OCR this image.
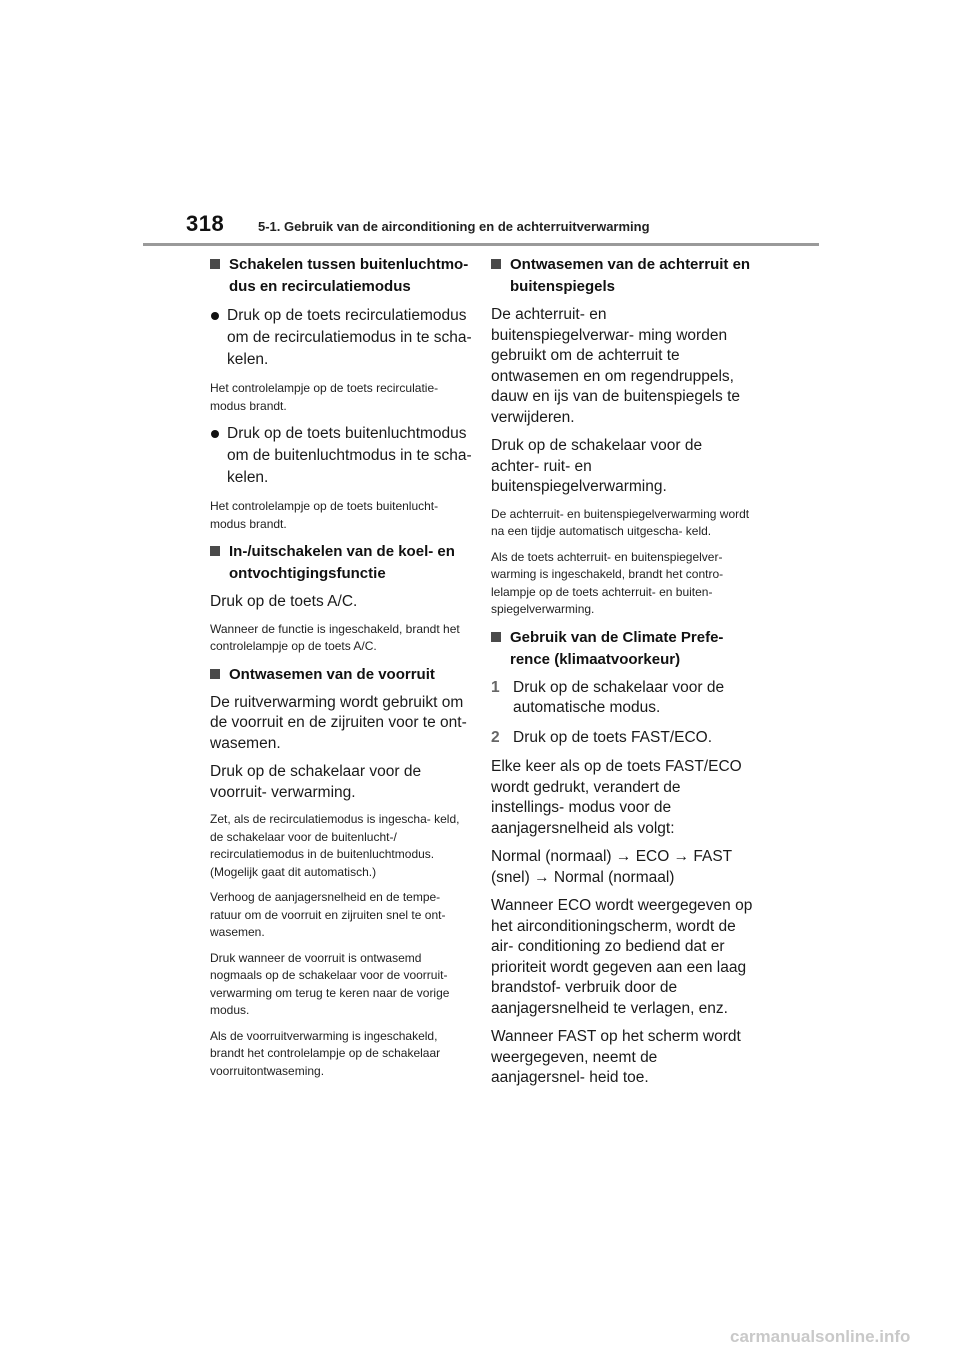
318	5-1. Gebruik van de airconditioning en de achterruitverwarming
Schakelen tussen buitenluchtmo- dus en recirculatiemodus
Druk op de toets recirculatiemodus om de recirculatiemodus in te scha- kelen.
Het controlelampje op de toets recirculatie- modus brandt.
Druk op de toets buitenluchtmodus om de buitenluchtmodus in te scha- kelen.
Het controlelampje op de toets buitenlucht- modus brandt.
In-/uitschakelen van de koel- en ontvochtigingsfunctie
Druk op de toets A/C.
Wanneer de functie is ingeschakeld, brandt het controlelampje op de toets A/C.
Ontwasemen van de voorruit
De ruitverwarming wordt gebruikt om de voorruit en de zijruiten voor te ont- wasemen.
Druk op de schakelaar voor de voorruit- verwarming.
Zet, als de recirculatiemodus is ingescha- keld, de schakelaar voor de buitenlucht-/ recirculatiemodus in de buitenluchtmodus. (Mogelijk gaat dit automatisch.)
Verhoog de aanjagersnelheid en de tempe- ratuur om de voorruit en zijruiten snel te ont- wasemen.
Druk wanneer de voorruit is ontwasemd nogmaals op de schakelaar voor de voorruit- verwarming om terug te keren naar de vorige modus.
Als de voorruitverwarming is ingeschakeld, brandt het controlelampje op de schakelaar voorruitontwaseming.
Ontwasemen van de achterruit en buitenspiegels
De achterruit- en buitenspiegelverwar- ming worden gebruikt om de achterruit te ontwasemen en om regendruppels, dauw en ijs van de buitenspiegels te verwijderen.
Druk op de schakelaar voor de achter- ruit- en buitenspiegelverwarming.
De achterruit- en buitenspiegelverwarming wordt na een tijdje automatisch uitgescha- keld.
Als de toets achterruit- en buitenspiegelver- warming is ingeschakeld, brandt het contro- lelampje op de toets achterruit- en buiten- spiegelverwarming.
Gebruik van de Climate Prefe- rence (klimaatvoorkeur)
1 Druk op de schakelaar voor de automatische modus.
2 Druk op de toets FAST/ECO.
Elke keer als op de toets FAST/ECO wordt gedrukt, verandert de instellings- modus voor de aanjagersnelheid als volgt:
Normal (normaal) → ECO → FAST (snel) → Normal (normaal)
Wanneer ECO wordt weergegeven op het airconditioningscherm, wordt de air- conditioning zo bediend dat er prioriteit wordt gegeven aan een laag brandstof- verbruik door de aanjagersnelheid te verlagen, enz.
Wanneer FAST op het scherm wordt weergegeven, neemt de aanjagersnel- heid toe.
carmanualsonline.info
